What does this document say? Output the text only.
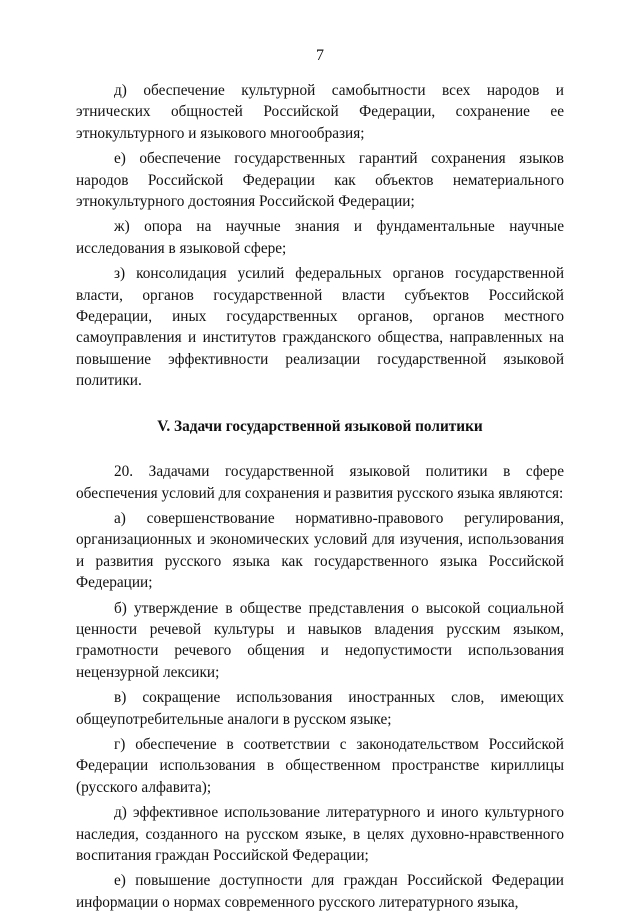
7

д) обеспечение культурной самобытности всех народов и этнических общностей Российской Федерации, сохранение ее этнокультурного и языкового многообразия;

е) обеспечение государственных гарантий сохранения языков народов Российской Федерации как объектов нематериального этнокультурного достояния Российской Федерации;

ж) опора на научные знания и фундаментальные научные исследования в языковой сфере;

з) консолидация усилий федеральных органов государственной власти, органов государственной власти субъектов Российской Федерации, иных государственных органов, органов местного самоуправления и институтов гражданского общества, направленных на повышение эффективности реализации государственной языковой политики.

V. Задачи государственной языковой политики

20. Задачами государственной языковой политики в сфере обеспечения условий для сохранения и развития русского языка являются:

а) совершенствование нормативно-правового регулирования, организационных и экономических условий для изучения, использования и развития русского языка как государственного языка Российской Федерации;

б) утверждение в обществе представления о высокой социальной ценности речевой культуры и навыков владения русским языком, грамотности речевого общения и недопустимости использования нецензурной лексики;

в) сокращение использования иностранных слов, имеющих общеупотребительные аналоги в русском языке;

г) обеспечение в соответствии с законодательством Российской Федерации использования в общественном пространстве кириллицы (русского алфавита);

д) эффективное использование литературного и иного культурного наследия, созданного на русском языке, в целях духовно-нравственного воспитания граждан Российской Федерации;

е) повышение доступности для граждан Российской Федерации информации о нормах современного русского литературного языка,
